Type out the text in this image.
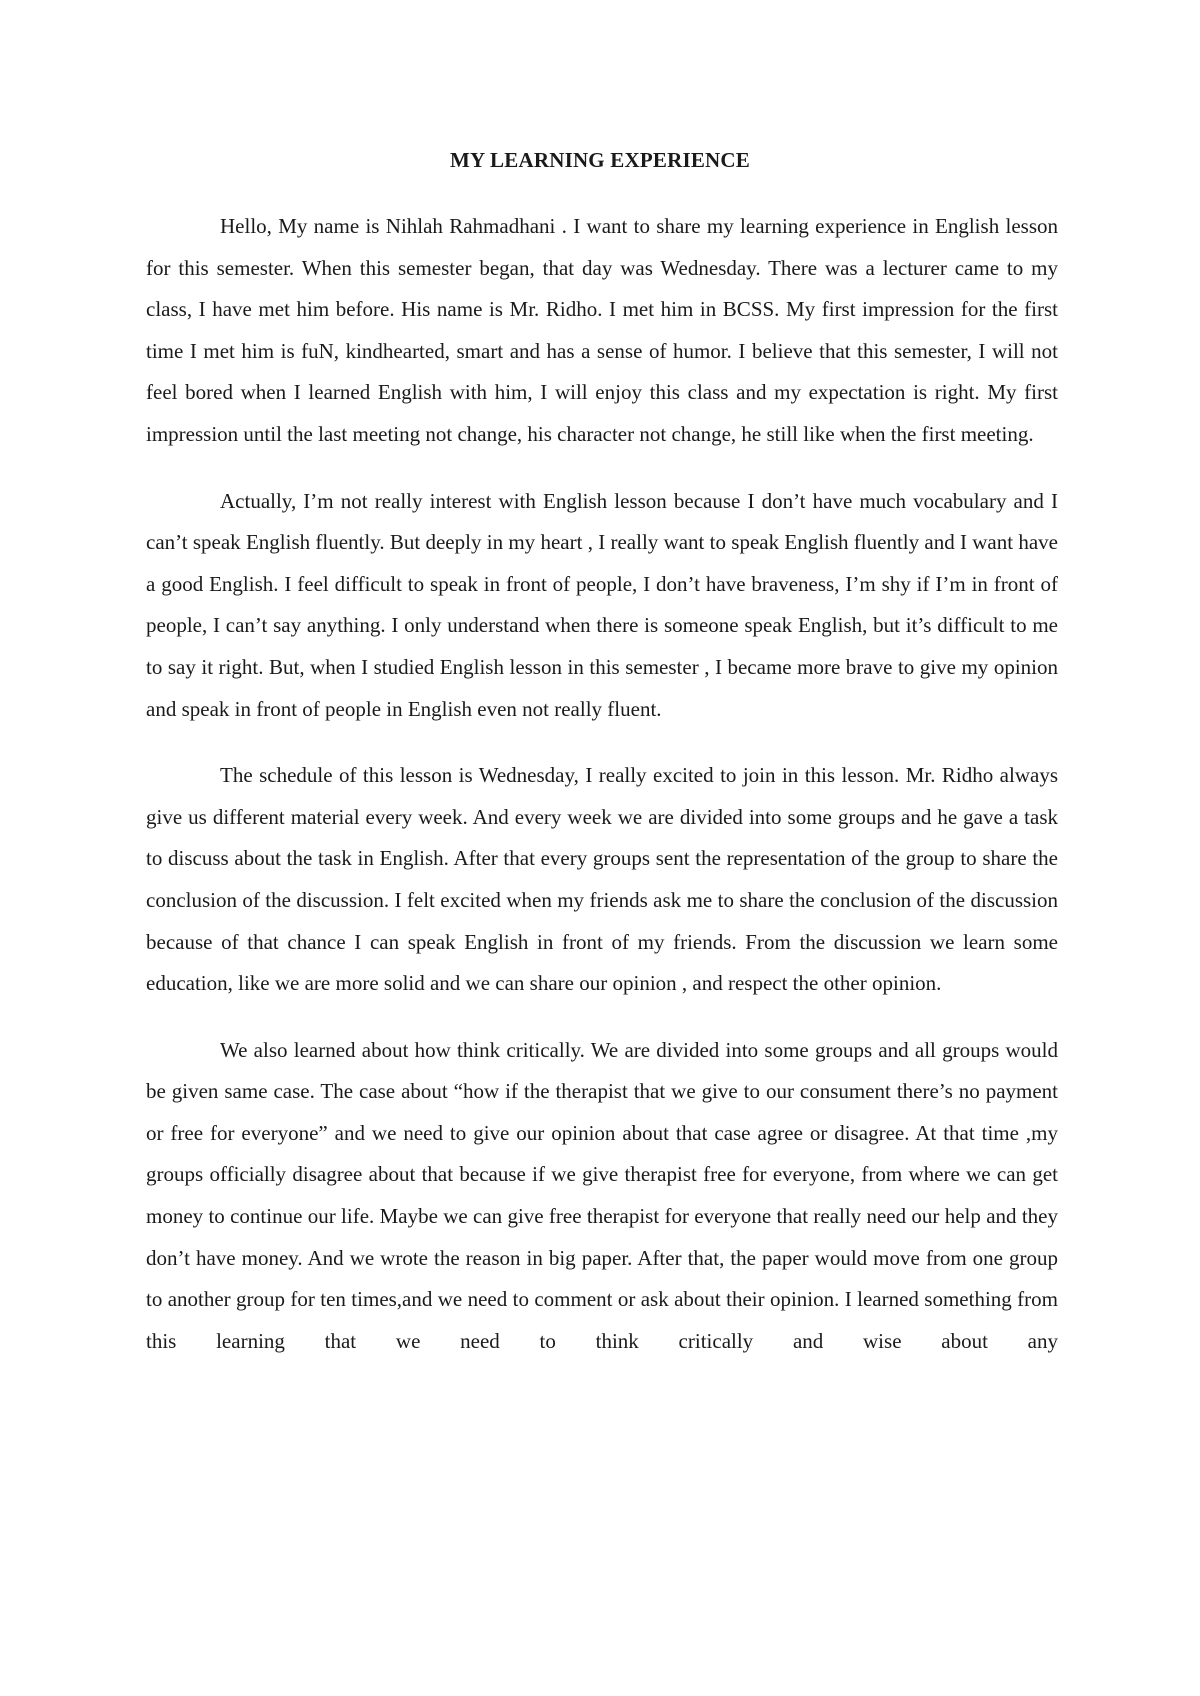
MY LEARNING EXPERIENCE

Hello, My name is Nihlah Rahmadhani . I want to share my learning experience in English lesson for this semester. When this semester began, that day was Wednesday. There was a lecturer came to my class, I have met him before. His name is Mr. Ridho. I met him in BCSS. My first impression for the first time I met him is fuN, kindhearted, smart and has a sense of humor. I believe that this semester, I will not feel bored when I learned English with him, I will enjoy this class and my expectation is right. My first impression until the last meeting not change, his character not change, he still like when the first meeting.

Actually, I’m not really interest with English lesson because I don’t have much vocabulary and I can’t speak English fluently. But deeply in my heart , I really want to speak English fluently and I want have a good English. I feel difficult to speak in front of people, I don’t have braveness, I’m shy if I’m in front of people, I can’t say anything. I only understand when there is someone speak English, but it’s difficult to me to say it right. But, when I studied English lesson in this semester , I became more brave to give my opinion and speak in front of people in English even not really fluent.

The schedule of this lesson is Wednesday, I really excited to join in this lesson. Mr. Ridho always give us different material every week. And every week we are divided into some groups and he gave a task to discuss about the task in English. After that every groups sent the representation of the group to share the conclusion of the discussion. I felt excited when my friends ask me to share the conclusion of the discussion because of that chance I can speak English in front of my friends. From the discussion we learn some education, like we are more solid and we can share our opinion , and respect the other opinion.

We also learned about how think critically. We are divided into some groups and all groups would be given same case. The case about “how if the therapist that we give to our consument there’s no payment or free for everyone” and we need to give our opinion about that case agree or disagree. At that time ,my groups officially disagree about that because if we give therapist free for everyone, from where we can get money to continue our life. Maybe we can give free therapist for everyone that really need our help and they don’t have money. And we wrote the reason in big paper. After that, the paper would move from one group to another group for ten times,and we need to comment or ask about their opinion. I learned something from this learning that we need to think critically and wise about any
